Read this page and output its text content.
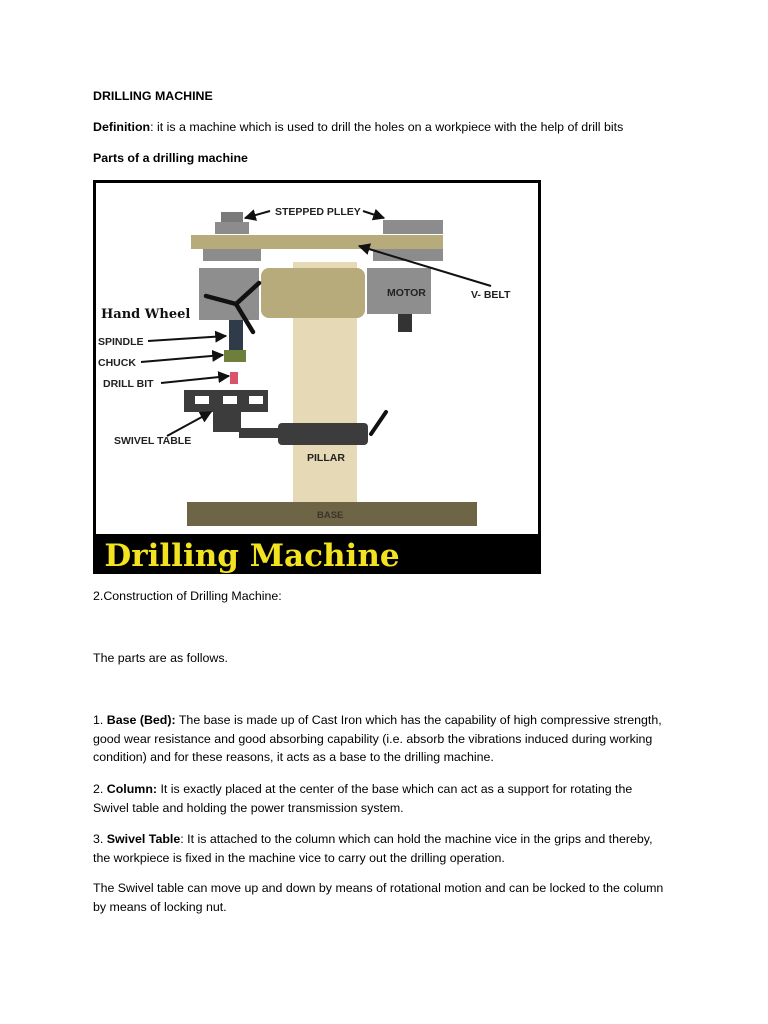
DRILLING MACHINE

Definition: it is a machine which is used to drill the holes on a workpiece with the help of drill bits

Parts of a drilling machine

Drilling Machine
STEPPED PLLEY
V- BELT
MOTOR
SPINDLE
CHUCK
DRILL BIT
SWIVEL TABLE
PILLAR
BASE
Hand Wheel

2.Construction of Drilling Machine:

The parts are as follows.

1. Base (Bed): The base is made up of Cast Iron which has the capability of high compressive strength, good wear resistance and good absorbing capability (i.e. absorb the vibrations induced during working condition) and for these reasons, it acts as a base to the drilling machine.

2. Column: It is exactly placed at the center of the base which can act as a support for rotating the Swivel table and holding the power transmission system.

3. Swivel Table: It is attached to the column which can hold the machine vice in the grips and thereby, the workpiece is fixed in the machine vice to carry out the drilling operation.

The Swivel table can move up and down by means of rotational motion and can be locked to the column by means of locking nut.
